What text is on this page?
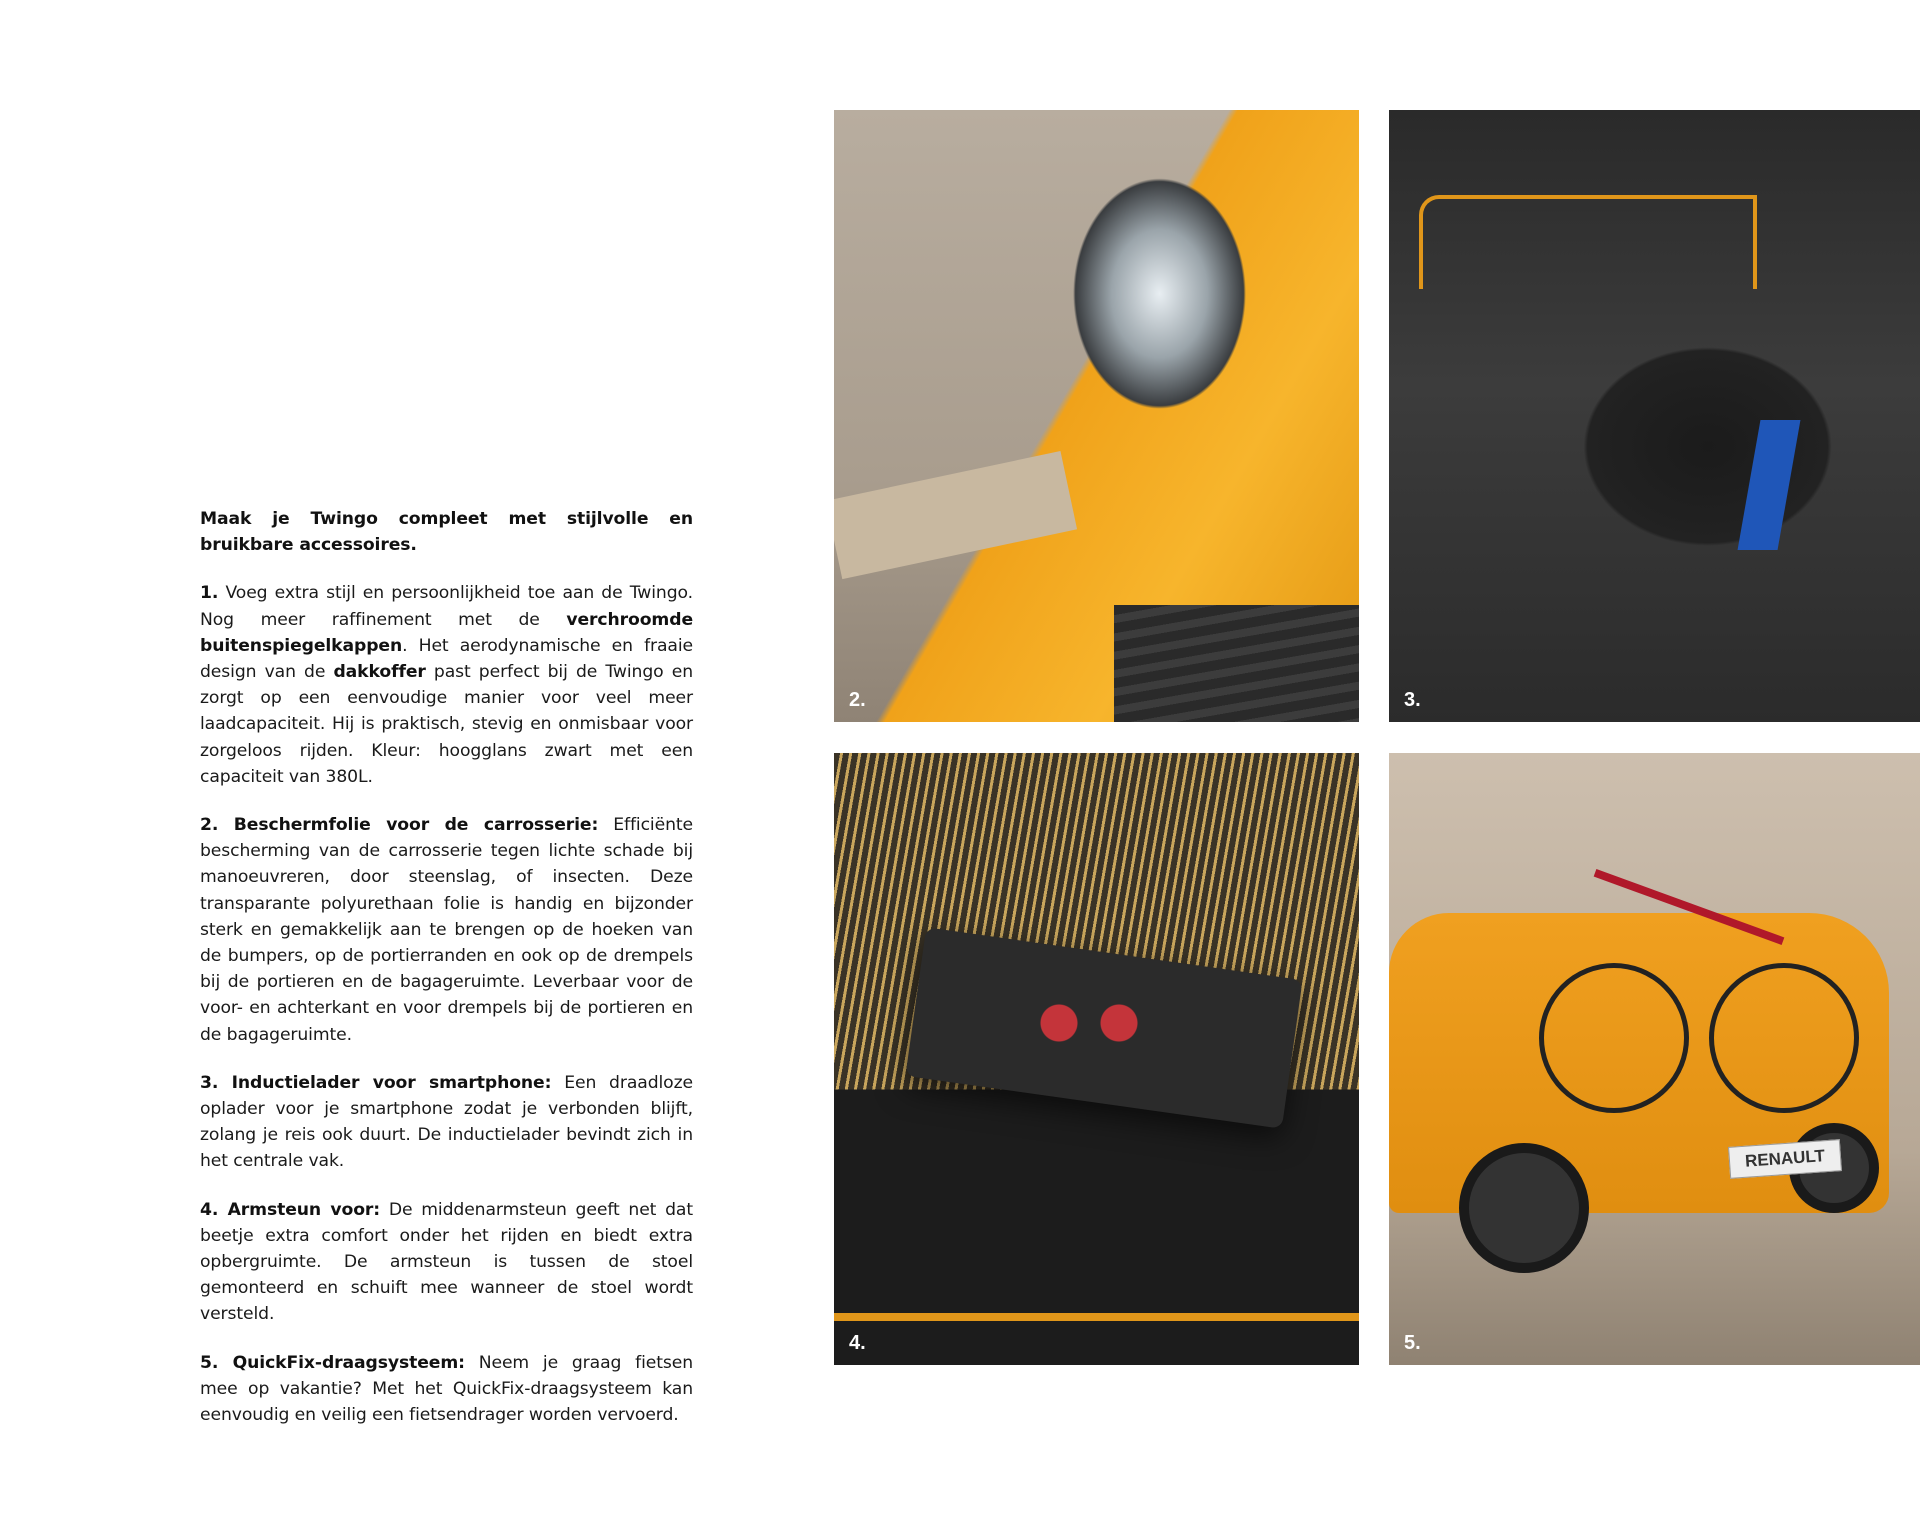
Maak je Twingo compleet met stijlvolle en bruikbare accessoires.

1. Voeg extra stijl en persoonlijkheid toe aan de Twingo. Nog meer raffinement met de verchroomde buitenspiegelkappen. Het aerodynamische en fraaie design van de dakkoffer past perfect bij de Twingo en zorgt op een eenvoudige manier voor veel meer laadcapaciteit. Hij is praktisch, stevig en onmisbaar voor zorgeloos rijden. Kleur: hoogglans zwart met een capaciteit van 380L.

2. Beschermfolie voor de carrosserie: Efficiënte bescherming van de carrosserie tegen lichte schade bij manoeuvreren, door steenslag, of insecten. Deze transparante polyurethaan folie is handig en bijzonder sterk en gemakkelijk aan te brengen op de hoeken van de bumpers, op de portierranden en ook op de drempels bij de portieren en de bagageruimte. Leverbaar voor de voor- en achterkant en voor drempels bij de portieren en de bagageruimte.

3. Inductielader voor smartphone: Een draadloze oplader voor je smartphone zodat je verbonden blijft, zolang je reis ook duurt. De inductielader bevindt zich in het centrale vak.

4. Armsteun voor: De middenarmsteun geeft net dat beetje extra comfort onder het rijden en biedt extra opbergruimte. De armsteun is tussen de stoel gemonteerd en schuift mee wanneer de stoel wordt versteld.

5. QuickFix-draagsysteem: Neem je graag fietsen mee op vakantie? Met het QuickFix-draagsysteem kan eenvoudig en veilig een fietsendrager worden vervoerd.

2.	3.
4.
RENAULT
5.
